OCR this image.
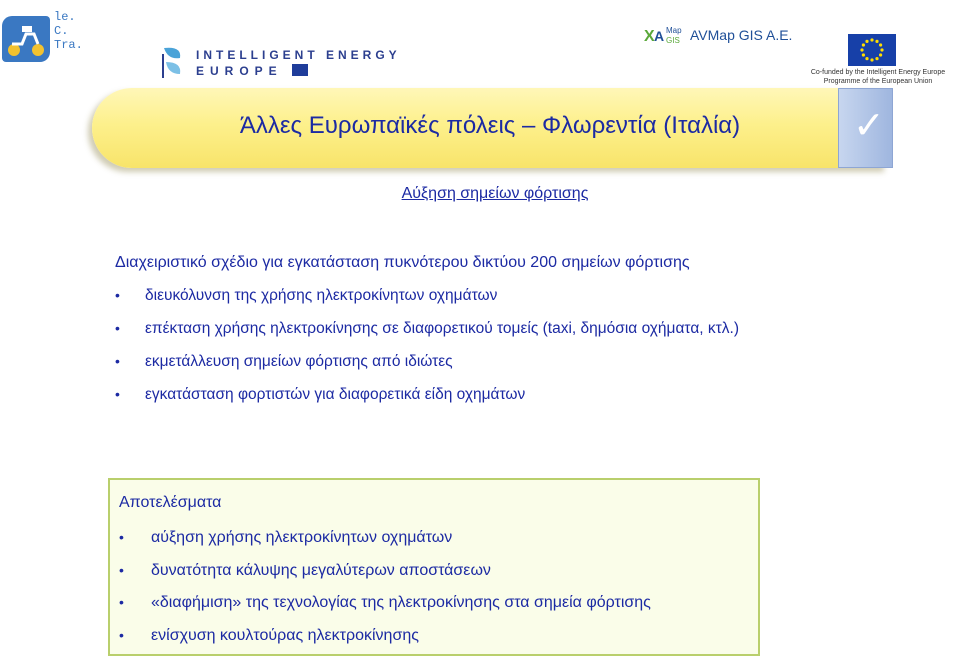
le.
C.
Tra.
INTELLIGENT ENERGY
EUROPE
X A Map
GIS AVMap GIS A.E.
Co-funded by the Intelligent Energy Europe Programme of the European Union
Άλλες Ευρωπαϊκές πόλεις – Φλωρεντία (Ιταλία)	✓
Αύξηση σημείων φόρτισης
Διαχειριστικό σχέδιο για εγκατάσταση πυκνότερου δικτύου 200 σημείων φόρτισης
• διευκόλυνση της χρήσης ηλεκτροκίνητων οχημάτων
• επέκταση χρήσης ηλεκτροκίνησης σε διαφορετικού τομείς (taxi, δημόσια οχήματα, κτλ.)
• εκμετάλλευση σημείων φόρτισης από ιδιώτες
• εγκατάσταση φορτιστών για διαφορετικά είδη οχημάτων
Αποτελέσματα
• αύξηση χρήσης ηλεκτροκίνητων οχημάτων
• δυνατότητα κάλυψης μεγαλύτερων αποστάσεων
• «διαφήμιση» της τεχνολογίας της ηλεκτροκίνησης στα σημεία φόρτισης
• ενίσχυση κουλτούρας ηλεκτροκίνησης
